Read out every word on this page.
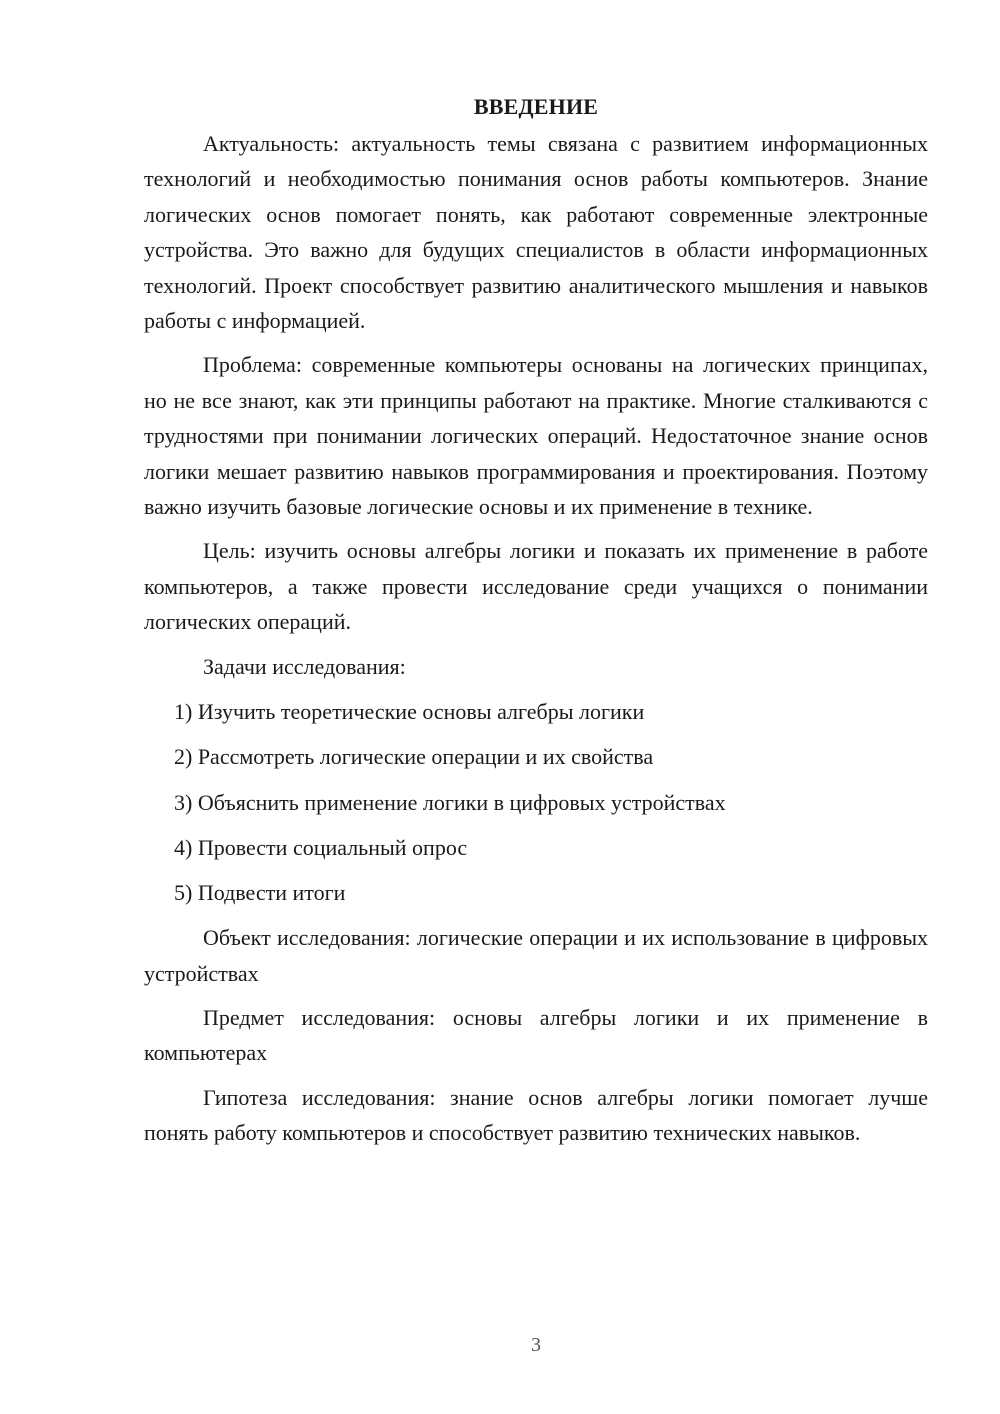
ВВЕДЕНИЕ

Актуальность: актуальность темы связана с развитием информационных технологий и необходимостью понимания основ работы компьютеров. Знание логических основ помогает понять, как работают современные электронные устройства. Это важно для будущих специалистов в области информационных технологий. Проект способствует развитию аналитического мышления и навыков работы с информацией.

Проблема: современные компьютеры основаны на логических принципах, но не все знают, как эти принципы работают на практике. Многие сталкиваются с трудностями при понимании логических операций. Недостаточное знание основ логики мешает развитию навыков программирования и проектирования. Поэтому важно изучить базовые логические основы и их применение в технике.

Цель: изучить основы алгебры логики и показать их применение в работе компьютеров, а также провести исследование среди учащихся о понимании логических операций.

Задачи исследования:

1) Изучить теоретические основы алгебры логики
2) Рассмотреть логические операции и их свойства
3) Объяснить применение логики в цифровых устройствах
4) Провести социальный опрос
5) Подвести итоги

Объект исследования: логические операции и их использование в цифровых устройствах

Предмет исследования: основы алгебры логики и их применение в компьютерах

Гипотеза исследования: знание основ алгебры логики помогает лучше понять работу компьютеров и способствует развитию технических навыков.

3
